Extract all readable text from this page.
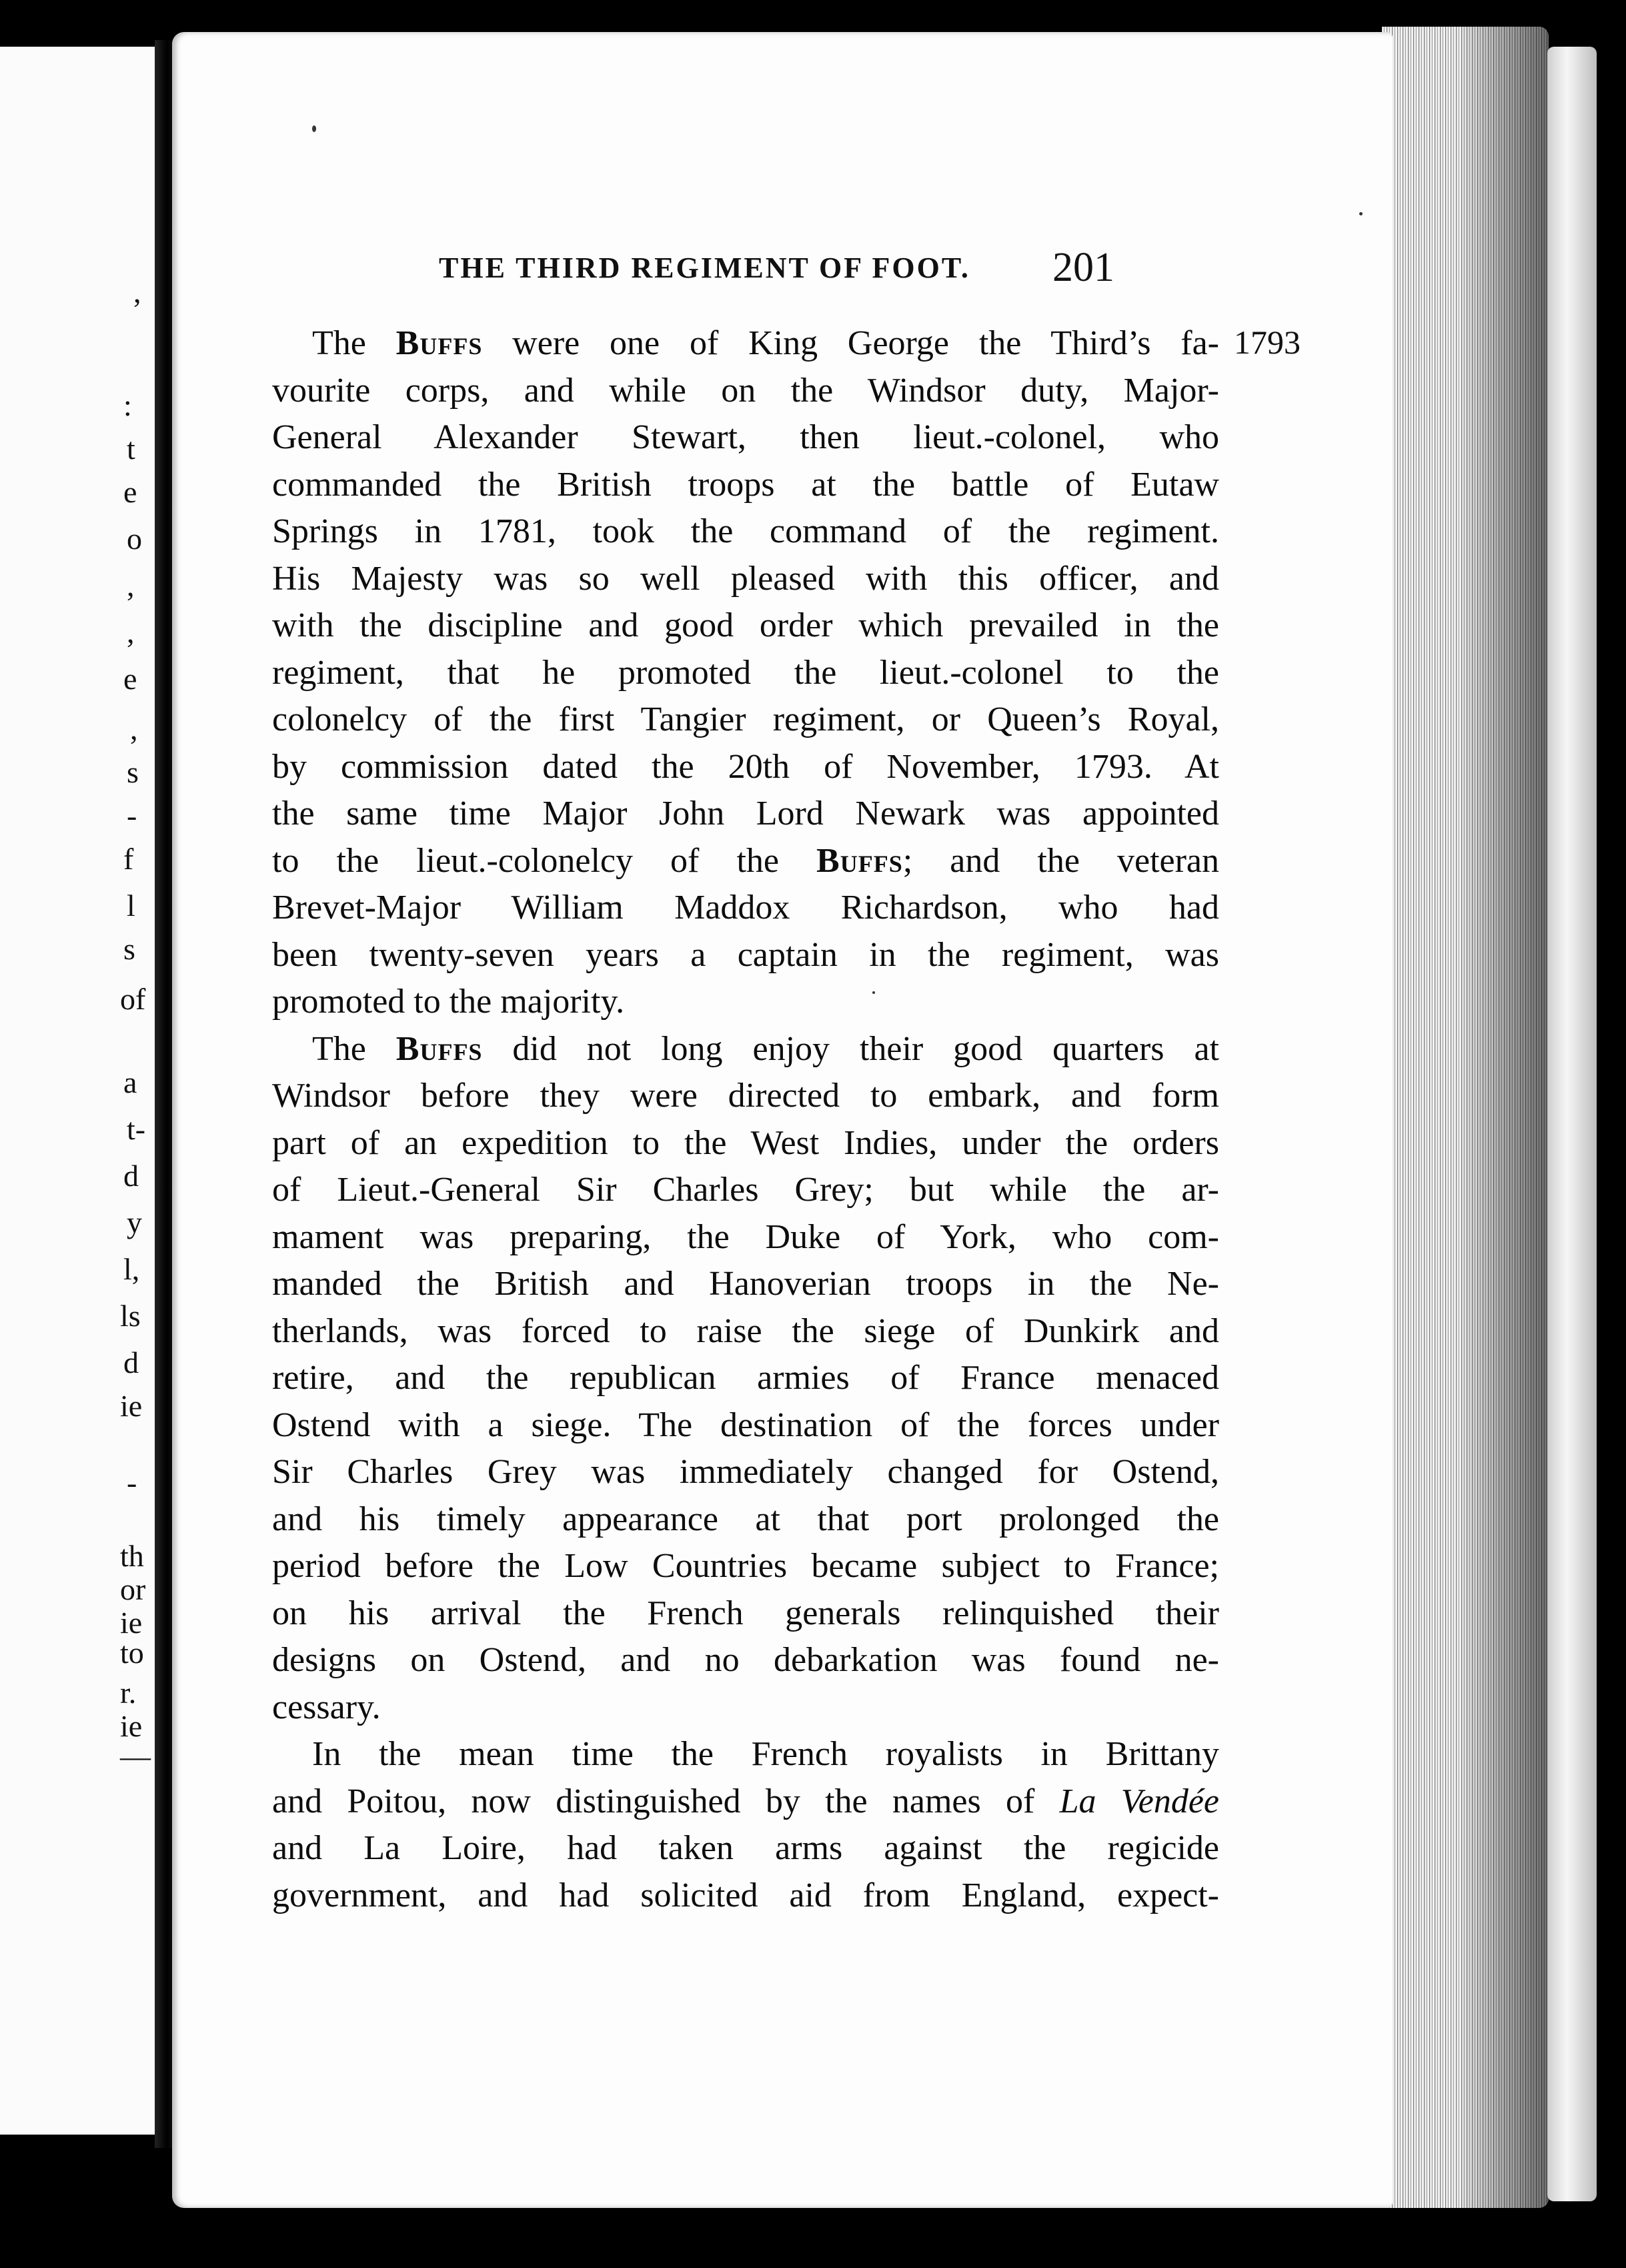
,
:
t
e
o
,
,
e
,
s
-
f
l
s
of
a
t-
d
y
l,
ls
d
ie
-
th
or
ie
to
r.
ie
—
THE THIRD REGIMENT OF FOOT. 201
1793
The Buffs were one of King George the Third’s fa-
vourite corps, and while on the Windsor duty, Major-
General Alexander Stewart, then lieut.-colonel, who
commanded the British troops at the battle of Eutaw
Springs in 1781, took the command of the regiment.
His Majesty was so well pleased with this officer, and
with the discipline and good order which prevailed in the
regiment, that he promoted the lieut.-colonel to the
colonelcy of the first Tangier regiment, or Queen’s Royal,
by commission dated the 20th of November, 1793. At
the same time Major John Lord Newark was appointed
to the lieut.-colonelcy of the Buffs; and the veteran
Brevet-Major William Maddox Richardson, who had
been twenty-seven years a captain in the regiment, was
promoted to the majority.
The Buffs did not long enjoy their good quarters at
Windsor before they were directed to embark, and form
part of an expedition to the West Indies, under the orders
of Lieut.-General Sir Charles Grey; but while the ar-
mament was preparing, the Duke of York, who com-
manded the British and Hanoverian troops in the Ne-
therlands, was forced to raise the siege of Dunkirk and
retire, and the republican armies of France menaced
Ostend with a siege. The destination of the forces under
Sir Charles Grey was immediately changed for Ostend,
and his timely appearance at that port prolonged the
period before the Low Countries became subject to France;
on his arrival the French generals relinquished their
designs on Ostend, and no debarkation was found ne-
cessary.
In the mean time the French royalists in Brittany
and Poitou, now distinguished by the names of La Vendée
and La Loire, had taken arms against the regicide
government, and had solicited aid from England, expect-
